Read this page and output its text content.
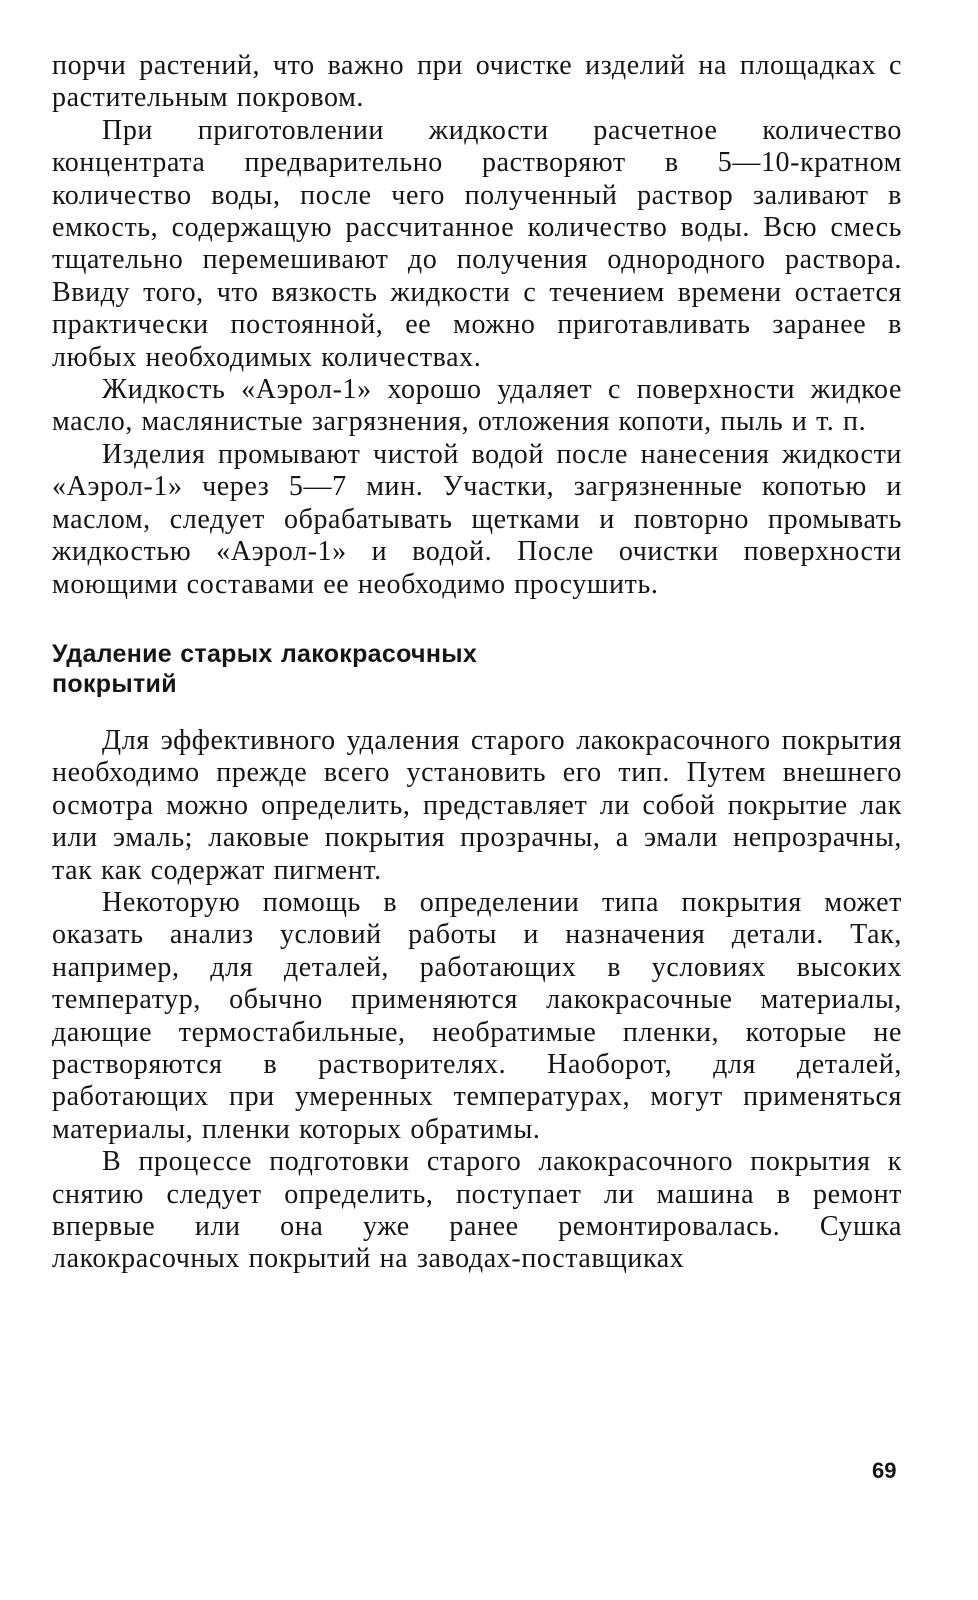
порчи растений, что важно при очистке изделий на площадках с растительным покровом.

При приготовлении жидкости расчетное количество концентрата предварительно растворяют в 5—10-кратном количество воды, после чего полученный раствор заливают в емкость, содержащую рассчитанное количество воды. Всю смесь тщательно перемешивают до получения однородного раствора. Ввиду того, что вязкость жидкости с течением времени остается практически постоянной, ее можно приготавливать заранее в любых необходимых количествах.

Жидкость «Аэрол-1» хорошо удаляет с поверхности жидкое масло, маслянистые загрязнения, отложения копоти, пыль и т. п.

Изделия промывают чистой водой после нанесения жидкости «Аэрол-1» через 5—7 мин. Участки, загрязненные копотью и маслом, следует обрабатывать щетками и повторно промывать жидкостью «Аэрол-1» и водой. После очистки поверхности моющими составами ее необходимо просушить.

Удаление старых лакокрасочных покрытий

Для эффективного удаления старого лакокрасочного покрытия необходимо прежде всего установить его тип. Путем внешнего осмотра можно определить, представляет ли собой покрытие лак или эмаль; лаковые покрытия прозрачны, а эмали непрозрачны, так как содержат пигмент.

Некоторую помощь в определении типа покрытия может оказать анализ условий работы и назначения детали. Так, например, для деталей, работающих в условиях высоких температур, обычно применяются лакокрасочные материалы, дающие термостабильные, необратимые пленки, которые не растворяются в растворителях. Наоборот, для деталей, работающих при умеренных температурах, могут применяться материалы, пленки которых обратимы.

В процессе подготовки старого лакокрасочного покрытия к снятию следует определить, поступает ли машина в ремонт впервые или она уже ранее ремонтировалась. Сушка лакокрасочных покрытий на заводах-поставщиках

69
